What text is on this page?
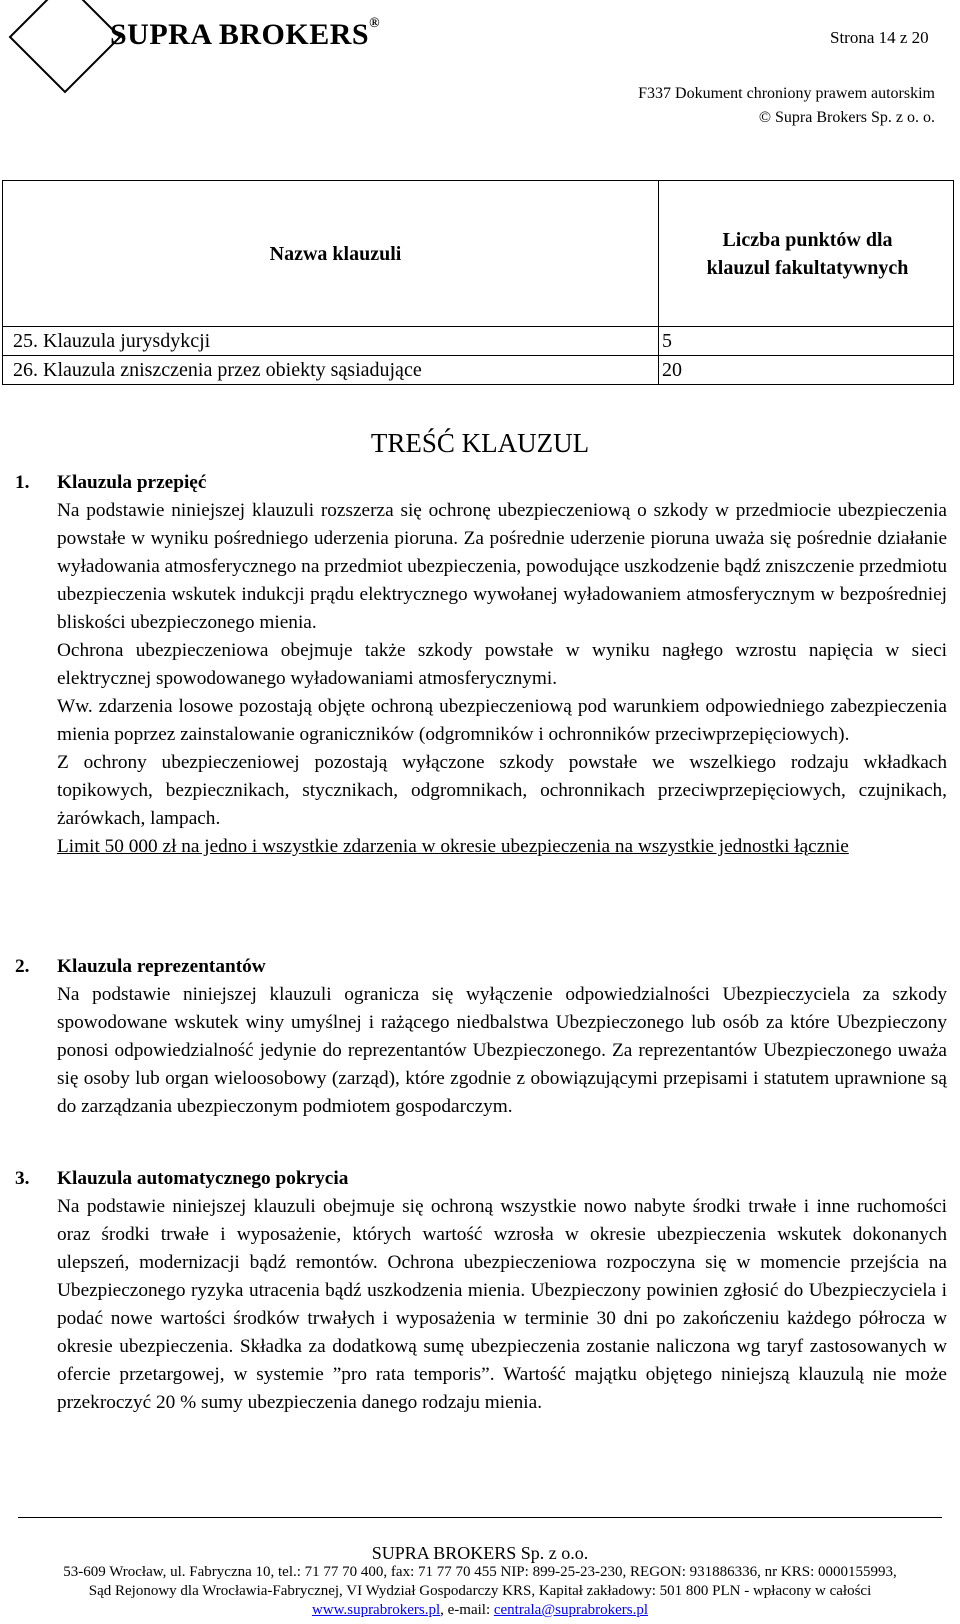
SUPRA BROKERS®
Strona 14 z 20
F337 Dokument chroniony prawem autorskim
© Supra Brokers Sp. z o. o.
Nazwa klauzuli	Liczba punktów dla
klauzul fakultatywnych
25. Klauzula jurysdykcji	5
26. Klauzula zniszczenia przez obiekty sąsiadujące	20
TREŚĆ KLAUZUL
1. Klauzula przepięć

Na podstawie niniejszej klauzuli rozszerza się ochronę ubezpieczeniową o szkody w przedmiocie ubezpieczenia powstałe w wyniku pośredniego uderzenia pioruna. Za pośrednie uderzenie pioruna uważa się pośrednie działanie wyładowania atmosferycznego na przedmiot ubezpieczenia, powodujące uszkodzenie bądź zniszczenie przedmiotu ubezpieczenia wskutek indukcji prądu elektrycznego wywołanej wyładowaniem atmosferycznym w bezpośredniej bliskości ubezpieczonego mienia.

Ochrona ubezpieczeniowa obejmuje także szkody powstałe w wyniku nagłego wzrostu napięcia w sieci elektrycznej spowodowanego wyładowaniami atmosferycznymi.

Ww. zdarzenia losowe pozostają objęte ochroną ubezpieczeniową pod warunkiem odpowiedniego zabezpieczenia mienia poprzez zainstalowanie ograniczników (odgromników i ochronników przeciwprzepięciowych).

Z ochrony ubezpieczeniowej pozostają wyłączone szkody powstałe we wszelkiego rodzaju wkładkach topikowych, bezpiecznikach, stycznikach, odgromnikach, ochronnikach przeciwprzepięciowych, czujnikach, żarówkach, lampach.

Limit 50 000 zł na jedno i wszystkie zdarzenia w okresie ubezpieczenia na wszystkie jednostki łącznie

2. Klauzula reprezentantów

Na podstawie niniejszej klauzuli ogranicza się wyłączenie odpowiedzialności Ubezpieczyciela za szkody spowodowane wskutek winy umyślnej i rażącego niedbalstwa Ubezpieczonego lub osób za które Ubezpieczony ponosi odpowiedzialność jedynie do reprezentantów Ubezpieczonego. Za reprezentantów Ubezpieczonego uważa się osoby lub organ wieloosobowy (zarząd), które zgodnie z obowiązującymi przepisami i statutem uprawnione są do zarządzania ubezpieczonym podmiotem gospodarczym.

3. Klauzula automatycznego pokrycia

Na podstawie niniejszej klauzuli obejmuje się ochroną wszystkie nowo nabyte środki trwałe i inne ruchomości oraz środki trwałe i wyposażenie, których wartość wzrosła w okresie ubezpieczenia wskutek dokonanych ulepszeń, modernizacji bądź remontów. Ochrona ubezpieczeniowa rozpoczyna się w momencie przejścia na Ubezpieczonego ryzyka utracenia bądź uszkodzenia mienia. Ubezpieczony powinien zgłosić do Ubezpieczyciela i podać nowe wartości środków trwałych i wyposażenia w terminie 30 dni po zakończeniu każdego półrocza w okresie ubezpieczenia. Składka za dodatkową sumę ubezpieczenia zostanie naliczona wg taryf zastosowanych w ofercie przetargowej, w systemie ”pro rata temporis”. Wartość majątku objętego niniejszą klauzulą nie może przekroczyć 20 % sumy ubezpieczenia danego rodzaju mienia.

SUPRA BROKERS Sp. z o.o.
53-609 Wrocław, ul. Fabryczna 10, tel.: 71 77 70 400, fax: 71 77 70 455 NIP: 899-25-23-230, REGON: 931886336, nr KRS: 0000155993,
Sąd Rejonowy dla Wrocławia-Fabrycznej, VI Wydział Gospodarczy KRS, Kapitał zakładowy: 501 800 PLN - wpłacony w całości
www.suprabrokers.pl, e-mail: centrala@suprabrokers.pl
